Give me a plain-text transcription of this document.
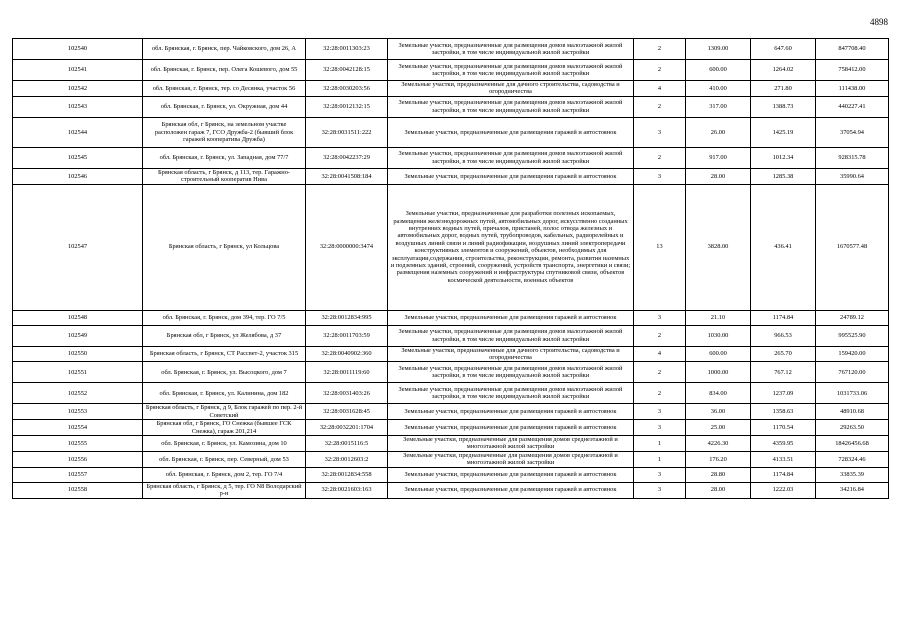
4898
102540	обл. Брянская, г. Брянск, пер. Чайковского, дом 26, А	32:28:0011303:23	Земельные участки, предназначенные для размещения домов малоэтажной жилой застройки, в том числе индивидуальной жилой застройки	2	1309.00	647.60	847708.40
102541	обл. Брянская, г. Брянск, пер. Олега Кошевого, дом 55	32:28:0042128:15	Земельные участки, предназначенные для размещения домов малоэтажной жилой застройки, в том числе индивидуальной жилой застройки	2	600.00	1264.02	758412.00
102542	обл. Брянская, г. Брянск, тер. со Десянка, участок 56	32:28:0030203:56	Земельные участки, предназначенные для дачного строительства, садоводства и огородничества	4	410.00	271.80	111438.00
102543	обл. Брянская, г. Брянск, ул. Окружная, дом 44	32:28:0012132:15	Земельные участки, предназначенные для размещения домов малоэтажной жилой застройки, в том числе индивидуальной жилой застройки	2	317.00	1388.73	440227.41
102544	Брянская обл, г Брянск, на земельном участке расположен гараж 7, ГСО Дружба-2 (бывший блок гаражей кооператива Дружба)	32:28:0031511:222	Земельные участки, предназначенные для размещения гаражей и автостоянок	3	26.00	1425.19	37054.94
102545	обл. Брянская, г. Брянск, ул. Западная, дом 77/7	32:28:0042237:29	Земельные участки, предназначенные для размещения домов малоэтажной жилой застройки, в том числе индивидуальной жилой застройки	2	917.00	1012.34	928315.78
102546	Брянская область, г Брянск, д 113, тер. Гаражно-строительный кооператив Нива	32:28:0041508:184	Земельные участки, предназначенные для размещения гаражей и автостоянок	3	28.00	1285.38	35990.64
102547	Брянская область, г Брянск, ул Кольцова	32:28:0000000:3474	Земельные участки, предназначенные для разработки полезных ископаемых, размещения железнодорожных путей, автомобильных дорог, искусственно созданных внутренних водных путей, причалов, пристаней, полос отвода железных и автомобильных дорог, водных путей, трубопроводов, кабельных, радиорелейных и воздушных линий связи и линий радиофикации, воздушных линий электропередачи конструктивных элементов и сооружений, объектов, необходимых для эксплуатации,содержания, строительства, реконструкции, ремонта, развития наземных и подземных зданий, строений, сооружений, устройств транспорта, энергетики и связи; размещения наземных сооружений и инфраструктуры спутниковой связи, объектов космической деятельности, военных объектов	13	3828.00	436.41	1670577.48
102548	обл. Брянская, г. Брянск, дом 394, тер. ГО 7/5	32:28:0012834:995	Земельные участки, предназначенные для размещения гаражей и автостоянок	3	21.10	1174.84	24789.12
102549	Брянская обл, г Брянск, ул Желябова, д 37	32:28:0011703:59	Земельные участки, предназначенные для размещения домов малоэтажной жилой застройки, в том числе индивидуальной жилой застройки	2	1030.00	966.53	995525.90
102550	Брянская область, г Брянск, СТ Рассвет-2, участок 315	32:28:0040902:360	Земельные участки, предназначенные для дачного строительства, садоводства и огородничества	4	600.00	265.70	159420.00
102551	обл. Брянская, г. Брянск, ул. Высоцкого, дом 7	32:28:0011119:60	Земельные участки, предназначенные для размещения домов малоэтажной жилой застройки, в том числе индивидуальной жилой застройки	2	1000.00	767.12	767120.00
102552	обл. Брянская, г. Брянск, ул. Калинина, дом 182	32:28:0031403:26	Земельные участки, предназначенные для размещения домов малоэтажной жилой застройки, в том числе индивидуальной жилой застройки	2	834.00	1237.09	1031733.06
102553	Брянская область, г Брянск, д 9, Блок гаражей по пер. 2-й Советский	32:28:0031628:45	Земельные участки, предназначенные для размещения гаражей и автостоянок	3	36.00	1358.63	48910.68
102554	Брянская обл, г Брянск, ГО Снежка (бывшее ГСК Снежка), гараж 201,214	32:28:0032201:1704	Земельные участки, предназначенные для размещения гаражей и автостоянок	3	25.00	1170.54	29263.50
102555	обл. Брянская, г. Брянск, ул. Камозина, дом 10	32:28:0015116:5	Земельные участки, предназначенные для размещения домов среднеэтажной и многоэтажной жилой застройки	1	4226.30	4359.95	18426456.68
102556	обл. Брянская, г. Брянск, пер. Северный, дом 53	32:28:0012603:2	Земельные участки, предназначенные для размещения домов среднеэтажной и многоэтажной жилой застройки	1	176.20	4133.51	728324.46
102557	обл. Брянская, г. Брянск, дом 2, тер. ГО 7/4	32:28:0012834:558	Земельные участки, предназначенные для размещения гаражей и автостоянок	3	28.80	1174.84	33835.39
102558	Брянская область, г Брянск, д 5, тер. ГО N8 Володарский р-н	32:28:0021603:163	Земельные участки, предназначенные для размещения гаражей и автостоянок	3	28.00	1222.03	34216.84
